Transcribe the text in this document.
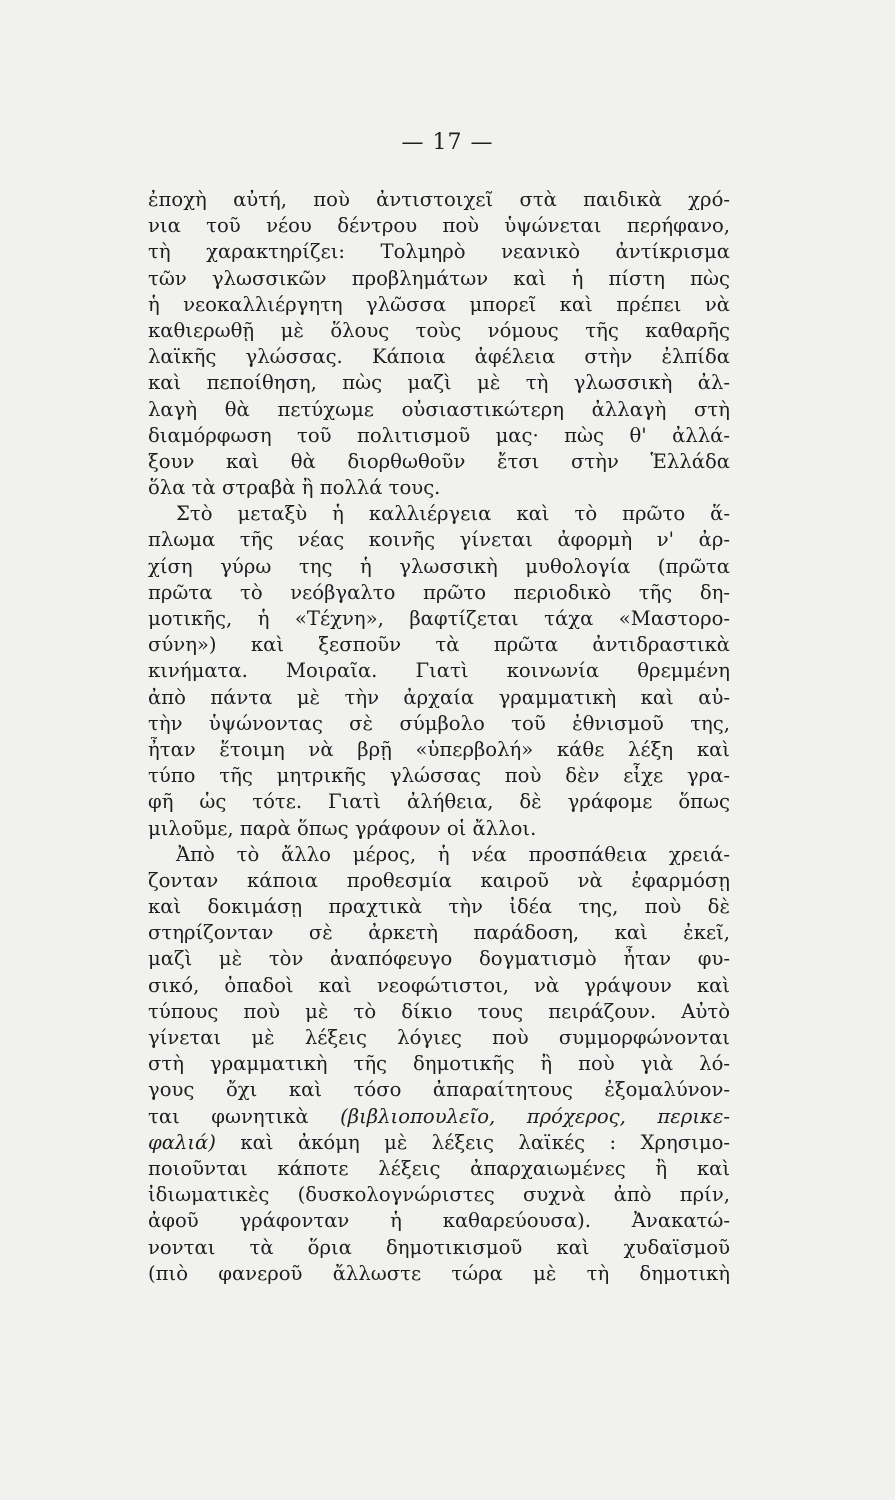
— 17 —
ἐποχὴ αὐτή, ποὺ ἀντιστοιχεῖ στὰ παιδικὰ χρό-
νια τοῦ νέου δέντρου ποὺ ὑψώνεται περήφανο,
τὴ χαρακτηρίζει: Τολμηρὸ νεανικὸ ἀντίκρισμα
τῶν γλωσσικῶν προβλημάτων καὶ ἡ πίστη πὼς
ἡ νεοκαλλιέργητη γλῶσσα μπορεῖ καὶ πρέπει νὰ
καθιερωθῇ μὲ ὅλους τοὺς νόμους τῆς καθαρῆς
λαϊκῆς γλώσσας. Κάποια ἀφέλεια στὴν ἐλπίδα
καὶ πεποίθηση, πὼς μαζὶ μὲ τὴ γλωσσικὴ ἀλ-
λαγὴ θὰ πετύχωμε οὐσιαστικώτερη ἀλλαγὴ στὴ
διαμόρφωση τοῦ πολιτισμοῦ μας· πὼς θ' ἀλλά-
ξουν καὶ θὰ διορθωθοῦν ἔτσι στὴν Ἑλλάδα
ὅλα τὰ στραβὰ ἢ πολλά τους.
Στὸ μεταξὺ ἡ καλλιέργεια καὶ τὸ πρῶτο ἅ-
πλωμα τῆς νέας κοινῆς γίνεται ἀφορμὴ ν' ἀρ-
χίση γύρω της ἡ γλωσσικὴ μυθολογία (πρῶτα
πρῶτα τὸ νεόβγαλτο πρῶτο περιοδικὸ τῆς δη-
μοτικῆς, ἡ «Τέχνη», βαφτίζεται τάχα «Μαστορο-
σύνη») καὶ ξεσποῦν τὰ πρῶτα ἀντιδραστικὰ
κινήματα. Μοιραῖα. Γιατὶ κοινωνία θρεμμένη
ἀπὸ πάντα μὲ τὴν ἀρχαία γραμματικὴ καὶ αὐ-
τὴν ὑψώνοντας σὲ σύμβολο τοῦ ἐθνισμοῦ της,
ἦταν ἕτοιμη νὰ βρῇ «ὑπερβολή» κάθε λέξη καὶ
τύπο τῆς μητρικῆς γλώσσας ποὺ δὲν εἶχε γρα-
φῆ ὡς τότε. Γιατὶ ἀλήθεια, δὲ γράφομε ὅπως
μιλοῦμε, παρὰ ὅπως γράφουν οἱ ἄλλοι.
Ἀπὸ τὸ ἄλλο μέρος, ἡ νέα προσπάθεια χρειά-
ζονταν κάποια προθεσμία καιροῦ νὰ ἐφαρμόσῃ
καὶ δοκιμάσῃ πραχτικὰ τὴν ἰδέα της, ποὺ δὲ
στηρίζονταν σὲ ἀρκετὴ παράδοση, καὶ ἐκεῖ,
μαζὶ μὲ τὸν ἀναπόφευγο δογματισμὸ ἦταν φυ-
σικό, ὀπαδοὶ καὶ νεοφώτιστοι, νὰ γράψουν καὶ
τύπους ποὺ μὲ τὸ δίκιο τους πειράζουν. Αὐτὸ
γίνεται μὲ λέξεις λόγιες ποὺ συμμορφώνονται
στὴ γραμματικὴ τῆς δημοτικῆς ἢ ποὺ γιὰ λό-
γους ὄχι καὶ τόσο ἀπαραίτητους ἐξομαλύνον-
ται φωνητικὰ (βιβλιοπουλεῖο, πρόχερος, περικε-
φαλιά) καὶ ἀκόμη μὲ λέξεις λαϊκές : Χρησιμο-
ποιοῦνται κάποτε λέξεις ἀπαρχαιωμένες ἢ καὶ
ἰδιωματικὲς (δυσκολογνώριστες συχνὰ ἀπὸ πρίν,
ἀφοῦ γράφονταν ἡ καθαρεύουσα). Ἀνακατώ-
νονται τὰ ὅρια δημοτικισμοῦ καὶ χυδαϊσμοῦ
(πιὸ φανεροῦ ἄλλωστε τώρα μὲ τὴ δημοτικὴ
